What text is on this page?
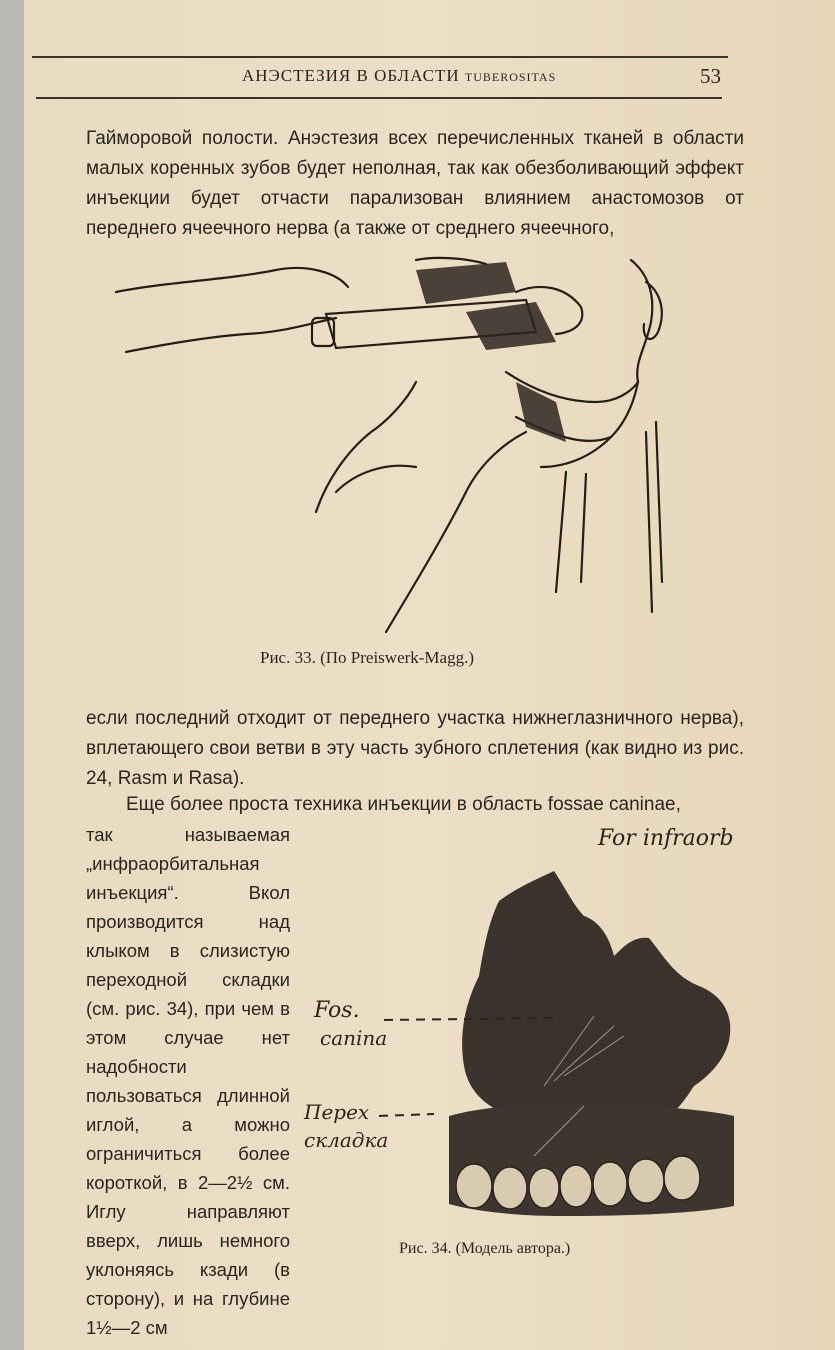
АНЭСТЕЗИЯ В ОБЛАСТИ tuberositas	53

Гайморовой полости. Анэстезия всех перечисленных тканей в области малых коренных зубов будет неполная, так как обезболивающий эффект инъекции будет отчасти парализован влиянием анастомозов от переднего ячеечного нерва (а также от среднего ячеечного,

Рис. 33. (По Preiswerk-Magg.)

если последний отходит от переднего участка нижнеглазничного нерва), вплетающего свои ветви в эту часть зубного сплетения (как видно из рис. 24, Rasm и Rasa).

Еще более проста техника инъекции в область fossae caninae,

так называемая „инфраорбитальная инъекция“. Вкол производится над клыком в слизистую переходной складки (см. рис. 34), при чем в этом случае нет надобности пользоваться длинной иглой, а можно ограничиться более короткой, в 2—2½ см. Иглу направляют вверх, лишь немного уклоняясь кзади (в сторону), и на глубине 1½—2 см
For infraorb
Fos.
canina
Перех
складка
Рис. 34. (Модель автора.)
